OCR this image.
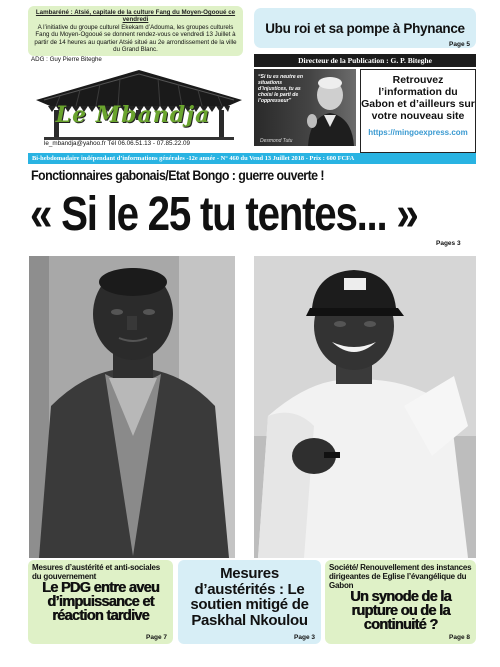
Lambaréné : Atsié, capitale de la culture Fang du Moyen-Ogooué ce vendredi
A l’initiative du groupe culturel Ekekam d’Adouma, les groupes culturels Fang du Moyen-Ogooué se donnent rendez-vous ce vendredi 13 Juillet à partir de 14 heures au quartier Atsié situé au 2e arrondissement de la ville du Grand Blanc.
Ubu roi et sa pompe à Phynance
Page 5
ADG : Guy Pierre Biteghe
Le Mbandja
le_mbandja@yahoo.fr Tél 06.06.51.13 - 07.85.22.09
Directeur de la Publication : G. P. Biteghe
“Si tu es neutre en situations d’injustices, tu as choisi le parti de l’oppresseur”
Desmond Tutu
Retrouvez l’information du Gabon et d’ailleurs sur votre nouveau site
https://mingoexpress.com
Bi-hebdomadaire indépendant d’informations générales -12e année - N° 460 du Vend 13 Juillet 2018 - Prix : 600 FCFA
Fonctionnaires gabonais/Etat Bongo : guerre ouverte !
« Si le 25 tu tentes... »
Pages 3
Mesures d’austérité et anti-sociales du gouvernement
Le PDG entre aveu d’impuissance et réaction tardive
Page 7
Mesures d’austérités : Le soutien mitigé de Paskhal Nkoulou
Page 3
Société/ Renouvellement des instances dirigeantes de Eglise l’évangélique du Gabon
Un synode de la rupture ou de la continuité ?
Page 8
